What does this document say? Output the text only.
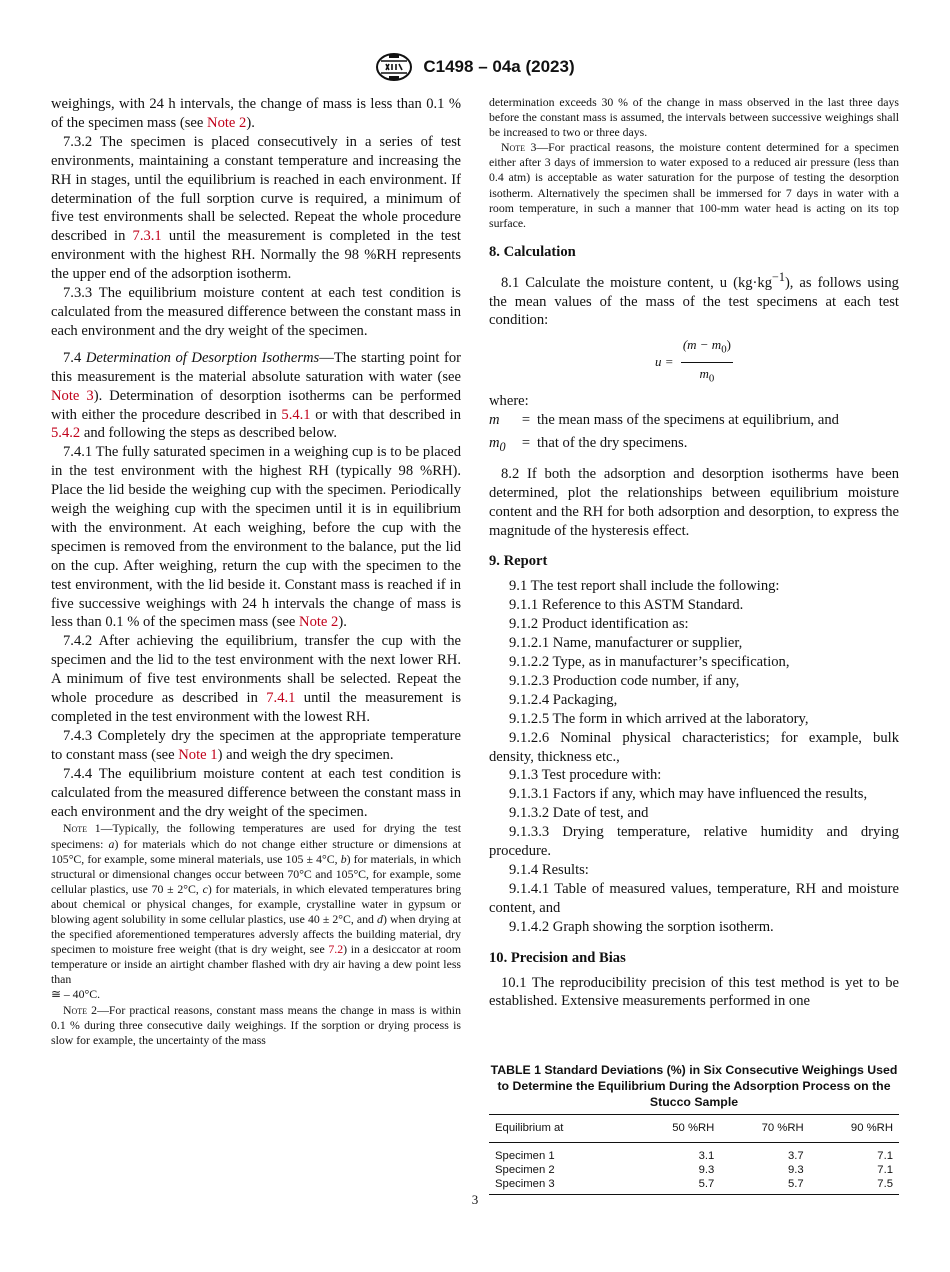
C1498 – 04a (2023)

weighings, with 24 h intervals, the change of mass is less than 0.1 % of the specimen mass (see Note 2).

7.3.2 The specimen is placed consecutively in a series of test environments, maintaining a constant temperature and increasing the RH in stages, until the equilibrium is reached in each environment. If determination of the full sorption curve is required, a minimum of five test environments shall be selected. Repeat the whole procedure described in 7.3.1 until the measurement is completed in the test environment with the highest RH. Normally the 98 %RH represents the upper end of the adsorption isotherm.

7.3.3 The equilibrium moisture content at each test condition is calculated from the measured difference between the constant mass in each environment and the dry weight of the specimen.

7.4 Determination of Desorption Isotherms—The starting point for this measurement is the material absolute saturation with water (see Note 3). Determination of desorption isotherms can be performed with either the procedure described in 5.4.1 or with that described in 5.4.2 and following the steps as described below.

7.4.1 The fully saturated specimen in a weighing cup is to be placed in the test environment with the highest RH (typically 98 %RH). Place the lid beside the weighing cup with the specimen. Periodically weigh the weighing cup with the specimen until it is in equilibrium with the environment. At each weighing, before the cup with the specimen is removed from the environment to the balance, put the lid on the cup. After weighing, return the cup with the specimen to the test environment, with the lid beside it. Constant mass is reached if in five successive weighings with 24 h intervals the change of mass is less than 0.1 % of the specimen mass (see Note 2).

7.4.2 After achieving the equilibrium, transfer the cup with the specimen and the lid to the test environment with the next lower RH. A minimum of five test environments shall be selected. Repeat the whole procedure as described in 7.4.1 until the measurement is completed in the test environment with the lowest RH.

7.4.3 Completely dry the specimen at the appropriate temperature to constant mass (see Note 1) and weigh the dry specimen.

7.4.4 The equilibrium moisture content at each test condition is calculated from the measured difference between the constant mass in each environment and the dry weight of the specimen.

Note 1—Typically, the following temperatures are used for drying the test specimens: a) for materials which do not change either structure or dimensions at 105°C, for example, some mineral materials, use 105 ± 4°C, b) for materials, in which structural or dimensional changes occur between 70°C and 105°C, for example, some cellular plastics, use 70 ± 2°C, c) for materials, in which elevated temperatures bring about chemical or physical changes, for example, crystalline water in gypsum or blowing agent solubility in some cellular plastics, use 40 ± 2°C, and d) when drying at the specified aforementioned temperatures adversly affects the building material, dry specimen to moisture free weight (that is dry weight, see 7.2) in a desiccator at room temperature or inside an airtight chamber flashed with dry air having a dew point less than

≅ – 40°C.

Note 2—For practical reasons, constant mass means the change in mass is within 0.1 % during three consecutive daily weighings. If the sorption or drying process is slow for example, the uncertainty of the mass

determination exceeds 30 % of the change in mass observed in the last three days before the constant mass is assumed, the intervals between successive weighings shall be increased to two or three days.

Note 3—For practical reasons, the moisture content determined for a specimen either after 3 days of immersion to water exposed to a reduced air pressure (less than 0.4 atm) is acceptable as water saturation for the purpose of testing the desorption isotherm. Alternatively the specimen shall be immersed for 7 days in water with a room temperature, in such a manner that 100-mm water head is acting on its top surface.

8. Calculation

8.1 Calculate the moisture content, u $(kg\cdot kg^{-1})$, as follows using the mean values of the mass of the test specimens at each test condition:

$u = \frac{(m - m_0)}{m_0}$

where:

m	= the mean mass of the specimens at equilibrium, and
$m_0$	= that of the dry specimens.

8.2 If both the adsorption and desorption isotherms have been determined, plot the relationships between equilibrium moisture content and the RH for both adsorption and desorption, to express the magnitude of the hysteresis effect.

9. Report

9.1 The test report shall include the following:

9.1.1 Reference to this ASTM Standard.

9.1.2 Product identification as:

9.1.2.1 Name, manufacturer or supplier,

9.1.2.2 Type, as in manufacturer’s specification,

9.1.2.3 Production code number, if any,

9.1.2.4 Packaging,

9.1.2.5 The form in which arrived at the laboratory,

9.1.2.6 Nominal physical characteristics; for example, bulk density, thickness etc.,

9.1.3 Test procedure with:

9.1.3.1 Factors if any, which may have influenced the results,

9.1.3.2 Date of test, and

9.1.3.3 Drying temperature, relative humidity and drying procedure.

9.1.4 Results:

9.1.4.1 Table of measured values, temperature, RH and moisture content, and

9.1.4.2 Graph showing the sorption isotherm.

10. Precision and Bias

10.1 The reproducibility precision of this test method is yet to be established. Extensive measurements performed in one

TABLE 1 Standard Deviations (%) in Six Consecutive Weighings Used to Determine the Equilibrium During the Adsorption Process on the Stucco Sample
Equilibrium at	50 %RH	70 %RH	90 %RH
Specimen 1	3.1	3.7	7.1
Specimen 2	9.3	9.3	7.1
Specimen 3	5.7	5.7	7.5
3
